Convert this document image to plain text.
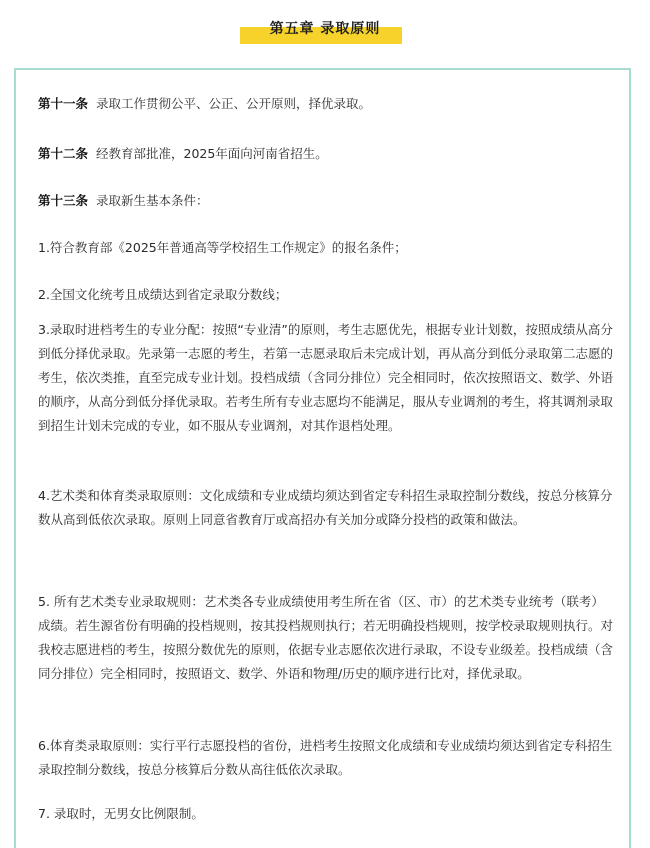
第五章 录取原则

第十一条 录取工作贯彻公平、公正、公开原则，择优录取。

第十二条 经教育部批准，2025年面向河南省招生。

第十三条 录取新生基本条件：

1.符合教育部《2025年普通高等学校招生工作规定》的报名条件；

2.全国文化统考且成绩达到省定录取分数线；

3.录取时进档考生的专业分配：按照“专业清”的原则，考生志愿优先，根据专业计划数，按照成绩从高分到低分择优录取。先录第一志愿的考生，若第一志愿录取后未完成计划，再从高分到低分录取第二志愿的考生，依次类推，直至完成专业计划。投档成绩（含同分排位）完全相同时，依次按照语文、数学、外语的顺序，从高分到低分择优录取。若考生所有专业志愿均不能满足，服从专业调剂的考生，将其调剂录取到招生计划未完成的专业，如不服从专业调剂，对其作退档处理。

4.艺术类和体育类录取原则：文化成绩和专业成绩均须达到省定专科招生录取控制分数线，按总分核算分数从高到低依次录取。原则上同意省教育厅或高招办有关加分或降分投档的政策和做法。

5. 所有艺术类专业录取规则：艺术类各专业成绩使用考生所在省（区、市）的艺术类专业统考（联考）成绩。若生源省份有明确的投档规则，按其投档规则执行；若无明确投档规则，按学校录取规则执行。对我校志愿进档的考生，按照分数优先的原则，依据专业志愿依次进行录取，不设专业级差。投档成绩（含同分排位）完全相同时，按照语文、数学、外语和物理/历史的顺序进行比对，择优录取。

6.体育类录取原则：实行平行志愿投档的省份，进档考生按照文化成绩和专业成绩均须达到省定专科招生录取控制分数线，按总分核算后分数从高往低依次录取。

7. 录取时，无男女比例限制。
